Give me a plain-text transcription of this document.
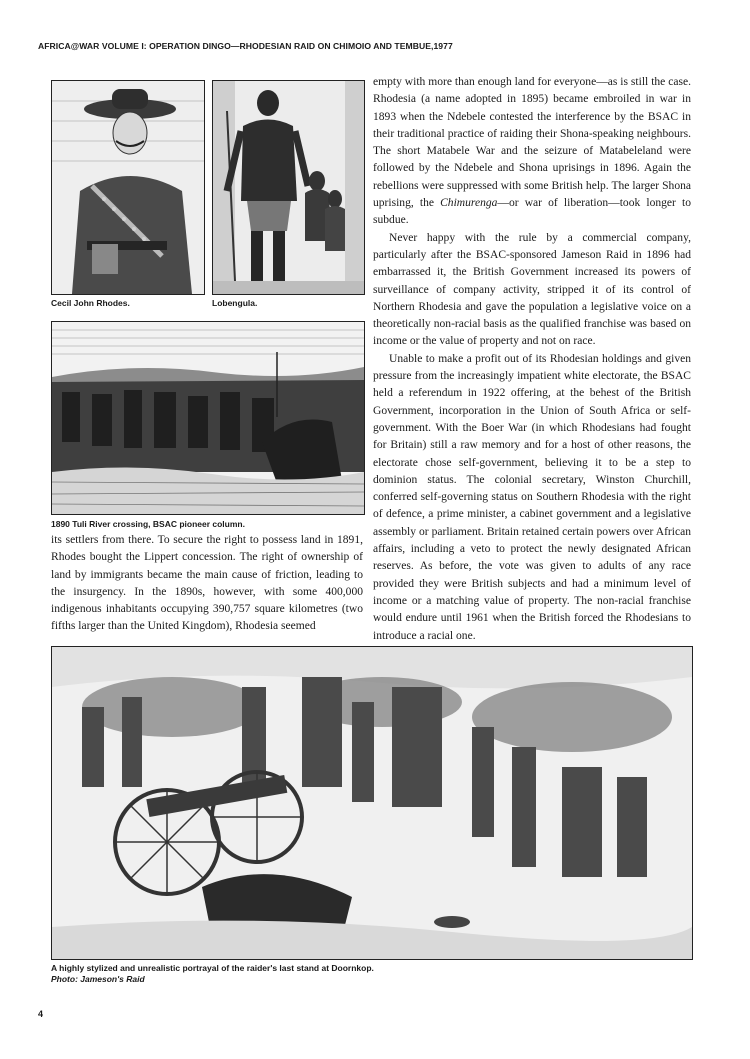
AFRICA@WAR VOLUME I: OPERATION DINGO—RHODESIAN RAID ON CHIMOIO AND TEMBUE,1977
Cecil John Rhodes.	Lobengula.
1890 Tuli River crossing, BSAC pioneer column.

its settlers from there. To secure the right to possess land in 1891, Rhodes bought the Lippert concession. The right of ownership of land by immigrants became the main cause of friction, leading to the insurgency. In the 1890s, however, with some 400,000 indigenous inhabitants occupying 390,757 square kilometres (two fifths larger than the United Kingdom), Rhodesia seemed

empty with more than enough land for everyone—as is still the case. Rhodesia (a name adopted in 1895) became embroiled in war in 1893 when the Ndebele contested the interference by the BSAC in their traditional practice of raiding their Shona-speaking neighbours. The short Matabele War and the seizure of Matabeleland were followed by the Ndebele and Shona uprisings in 1896. Again the rebellions were suppressed with some British help. The larger Shona uprising, the Chimurenga—or war of liberation—took longer to subdue.

Never happy with the rule by a commercial company, particularly after the BSAC-sponsored Jameson Raid in 1896 had embarrassed it, the British Government increased its powers of surveillance of company activity, stripped it of its control of Northern Rhodesia and gave the population a legislative voice on a theoretically non-racial basis as the qualified franchise was based on income or the value of property and not on race.

Unable to make a profit out of its Rhodesian holdings and given pressure from the increasingly impatient white electorate, the BSAC held a referendum in 1922 offering, at the behest of the British Government, incorporation in the Union of South Africa or self-government. With the Boer War (in which Rhodesians had fought for Britain) still a raw memory and for a host of other reasons, the electorate chose self-government, believing it to be a step to dominion status. The colonial secretary, Winston Churchill, conferred self-governing status on Southern Rhodesia with the right of defence, a prime minister, a cabinet government and a legislative assembly or parliament. Britain retained certain powers over African affairs, including a veto to protect the newly designated African reserves. As before, the vote was given to adults of any race provided they were British subjects and had a minimum level of income or a matching value of property. The non-racial franchise would endure until 1961 when the British forced the Rhodesians to introduce a racial one.

A highly stylized and unrealistic portrayal of the raider's last stand at Doornkop.
Photo: Jameson's Raid
4
